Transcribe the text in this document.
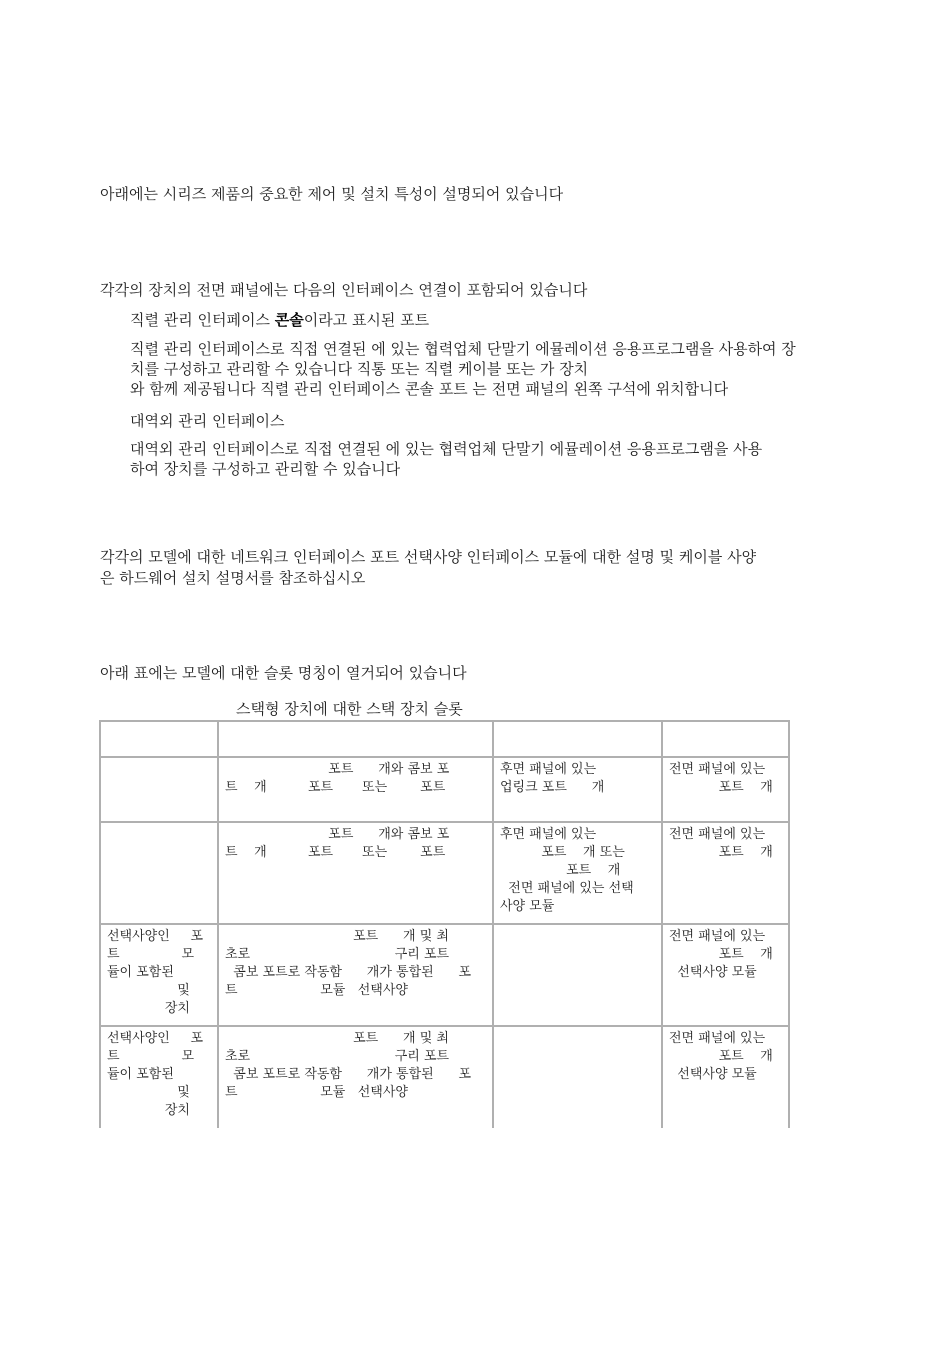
아래에는 시리즈 제품의 중요한 제어 및 설치 특성이 설명되어 있습니다
각각의 장치의 전면 패널에는 다음의 인터페이스 연결이 포함되어 있습니다
직렬 관리 인터페이스 콘솔이라고 표시된 포트
직렬 관리 인터페이스로 직접 연결된 에 있는 협력업체 단말기 에뮬레이션 응용프로그램을 사용하여 장
치를 구성하고 관리할 수 있습니다 직통 또는 직렬 케이블 또는 가 장치
와 함께 제공됩니다 직렬 관리 인터페이스 콘솔 포트 는 전면 패널의 왼쪽 구석에 위치합니다
대역외 관리 인터페이스
대역외 관리 인터페이스로 직접 연결된 에 있는 협력업체 단말기 에뮬레이션 응용프로그램을 사용
하여 장치를 구성하고 관리할 수 있습니다
각각의 모델에 대한 네트워크 인터페이스 포트 선택사양 인터페이스 모듈에 대한 설명 및 케이블 사양
은 하드웨어 설치 설명서를 참조하십시오
아래 표에는 모델에 대한 슬롯 명칭이 열거되어 있습니다
스택형 장치에 대한 스택 장치 슬롯

	포트      개와 콤보 포
트    개          포트       또는        포트	후면 패널에 있는
업링크 포트      개	전면 패널에 있는
포트    개
	포트      개와 콤보 포
트    개          포트       또는        포트	후면 패널에 있는
포트    개 또는
포트    개
전면 패널에 있는 선택
사양 모듈	전면 패널에 있는
포트    개
선택사양인     포
트               모
듈이 포함된
및
장치	포트      개 및 최
초로                                   구리 포트
콤보 포트로 작동함      개가 통합된      포
트                    모듈   선택사양		전면 패널에 있는
포트    개
선택사양 모듈
선택사양인     포
트               모
듈이 포함된
및
장치	포트      개 및 최
초로                                   구리 포트
콤보 포트로 작동함      개가 통합된      포
트                    모듈   선택사양		전면 패널에 있는
포트    개
선택사양 모듈
